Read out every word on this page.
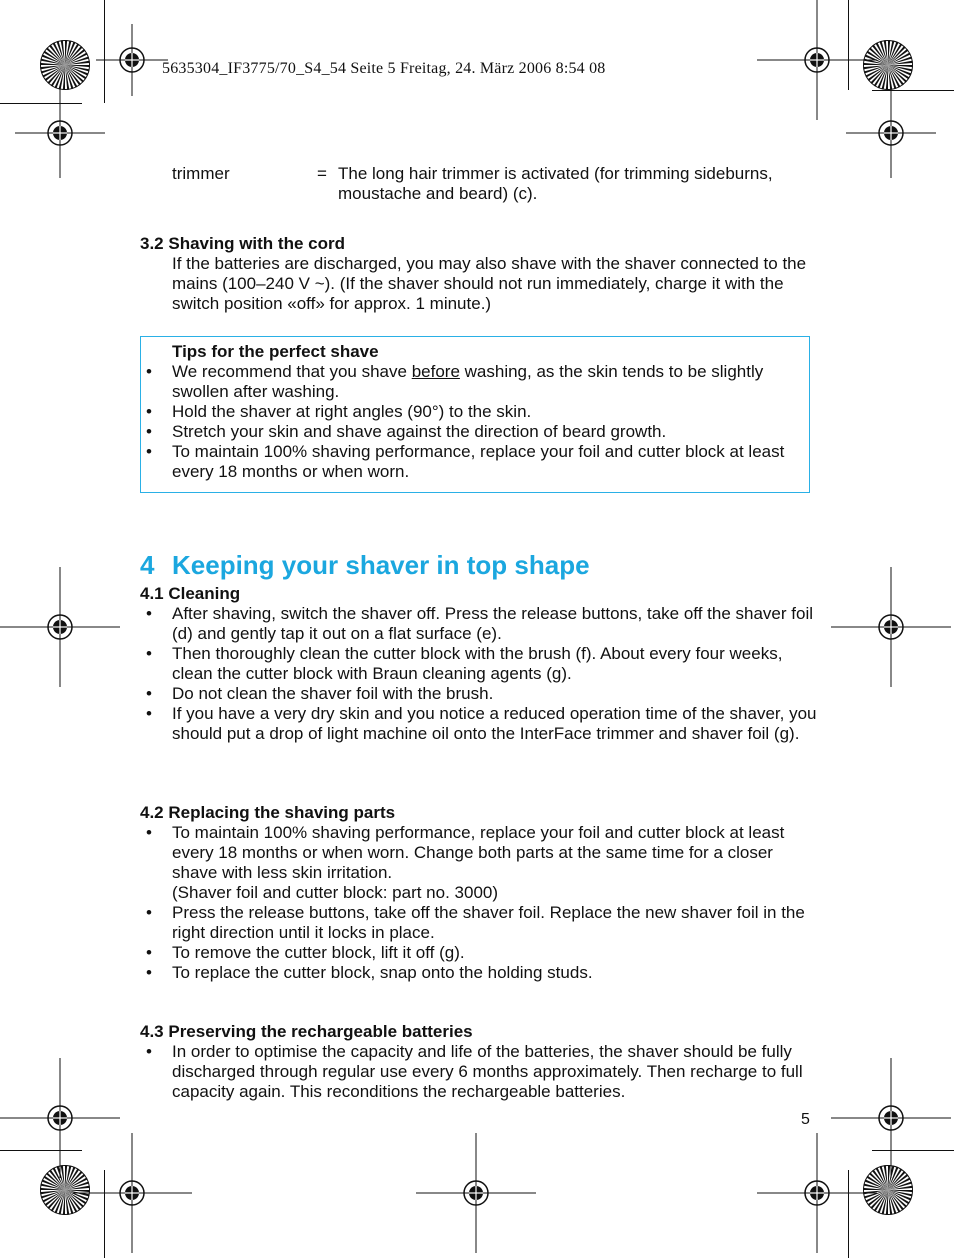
5635304_IF3775/70_S4_54 Seite 5 Freitag, 24. März 2006 8:54 08
trimmer	= The long hair trimmer is activated (for trimming sideburns, moustache and beard) (c).
3.2 Shaving with the cord
If the batteries are discharged, you may also shave with the shaver connected to the mains (100–240 V ~). (If the shaver should not run immediately, charge it with the switch position «off» for approx. 1 minute.)
Tips for the perfect shave
• We recommend that you shave before washing, as the skin tends to be slightly swollen after washing.
• Hold the shaver at right angles (90°) to the skin.
• Stretch your skin and shave against the direction of beard growth.
• To maintain 100% shaving performance, replace your foil and cutter block at least every 18 months or when worn.
4 Keeping your shaver in top shape
4.1 Cleaning
• After shaving, switch the shaver off. Press the release buttons, take off the shaver foil (d) and gently tap it out on a flat surface (e).
• Then thoroughly clean the cutter block with the brush (f). About every four weeks, clean the cutter block with Braun cleaning agents (g).
• Do not clean the shaver foil with the brush.
• If you have a very dry skin and you notice a reduced operation time of the shaver, you should put a drop of light machine oil onto the InterFace trimmer and shaver foil (g).
4.2 Replacing the shaving parts
• To maintain 100% shaving performance, replace your foil and cutter block at least every 18 months or when worn. Change both parts at the same time for a closer shave with less skin irritation.
(Shaver foil and cutter block: part no. 3000)
• Press the release buttons, take off the shaver foil. Replace the new shaver foil in the right direction until it locks in place.
• To remove the cutter block, lift it off (g).
• To replace the cutter block, snap onto the holding studs.
4.3 Preserving the rechargeable batteries
• In order to optimise the capacity and life of the batteries, the shaver should be fully discharged through regular use every 6 months approximately. Then recharge to full capacity again. This reconditions the rechargeable batteries.
5
